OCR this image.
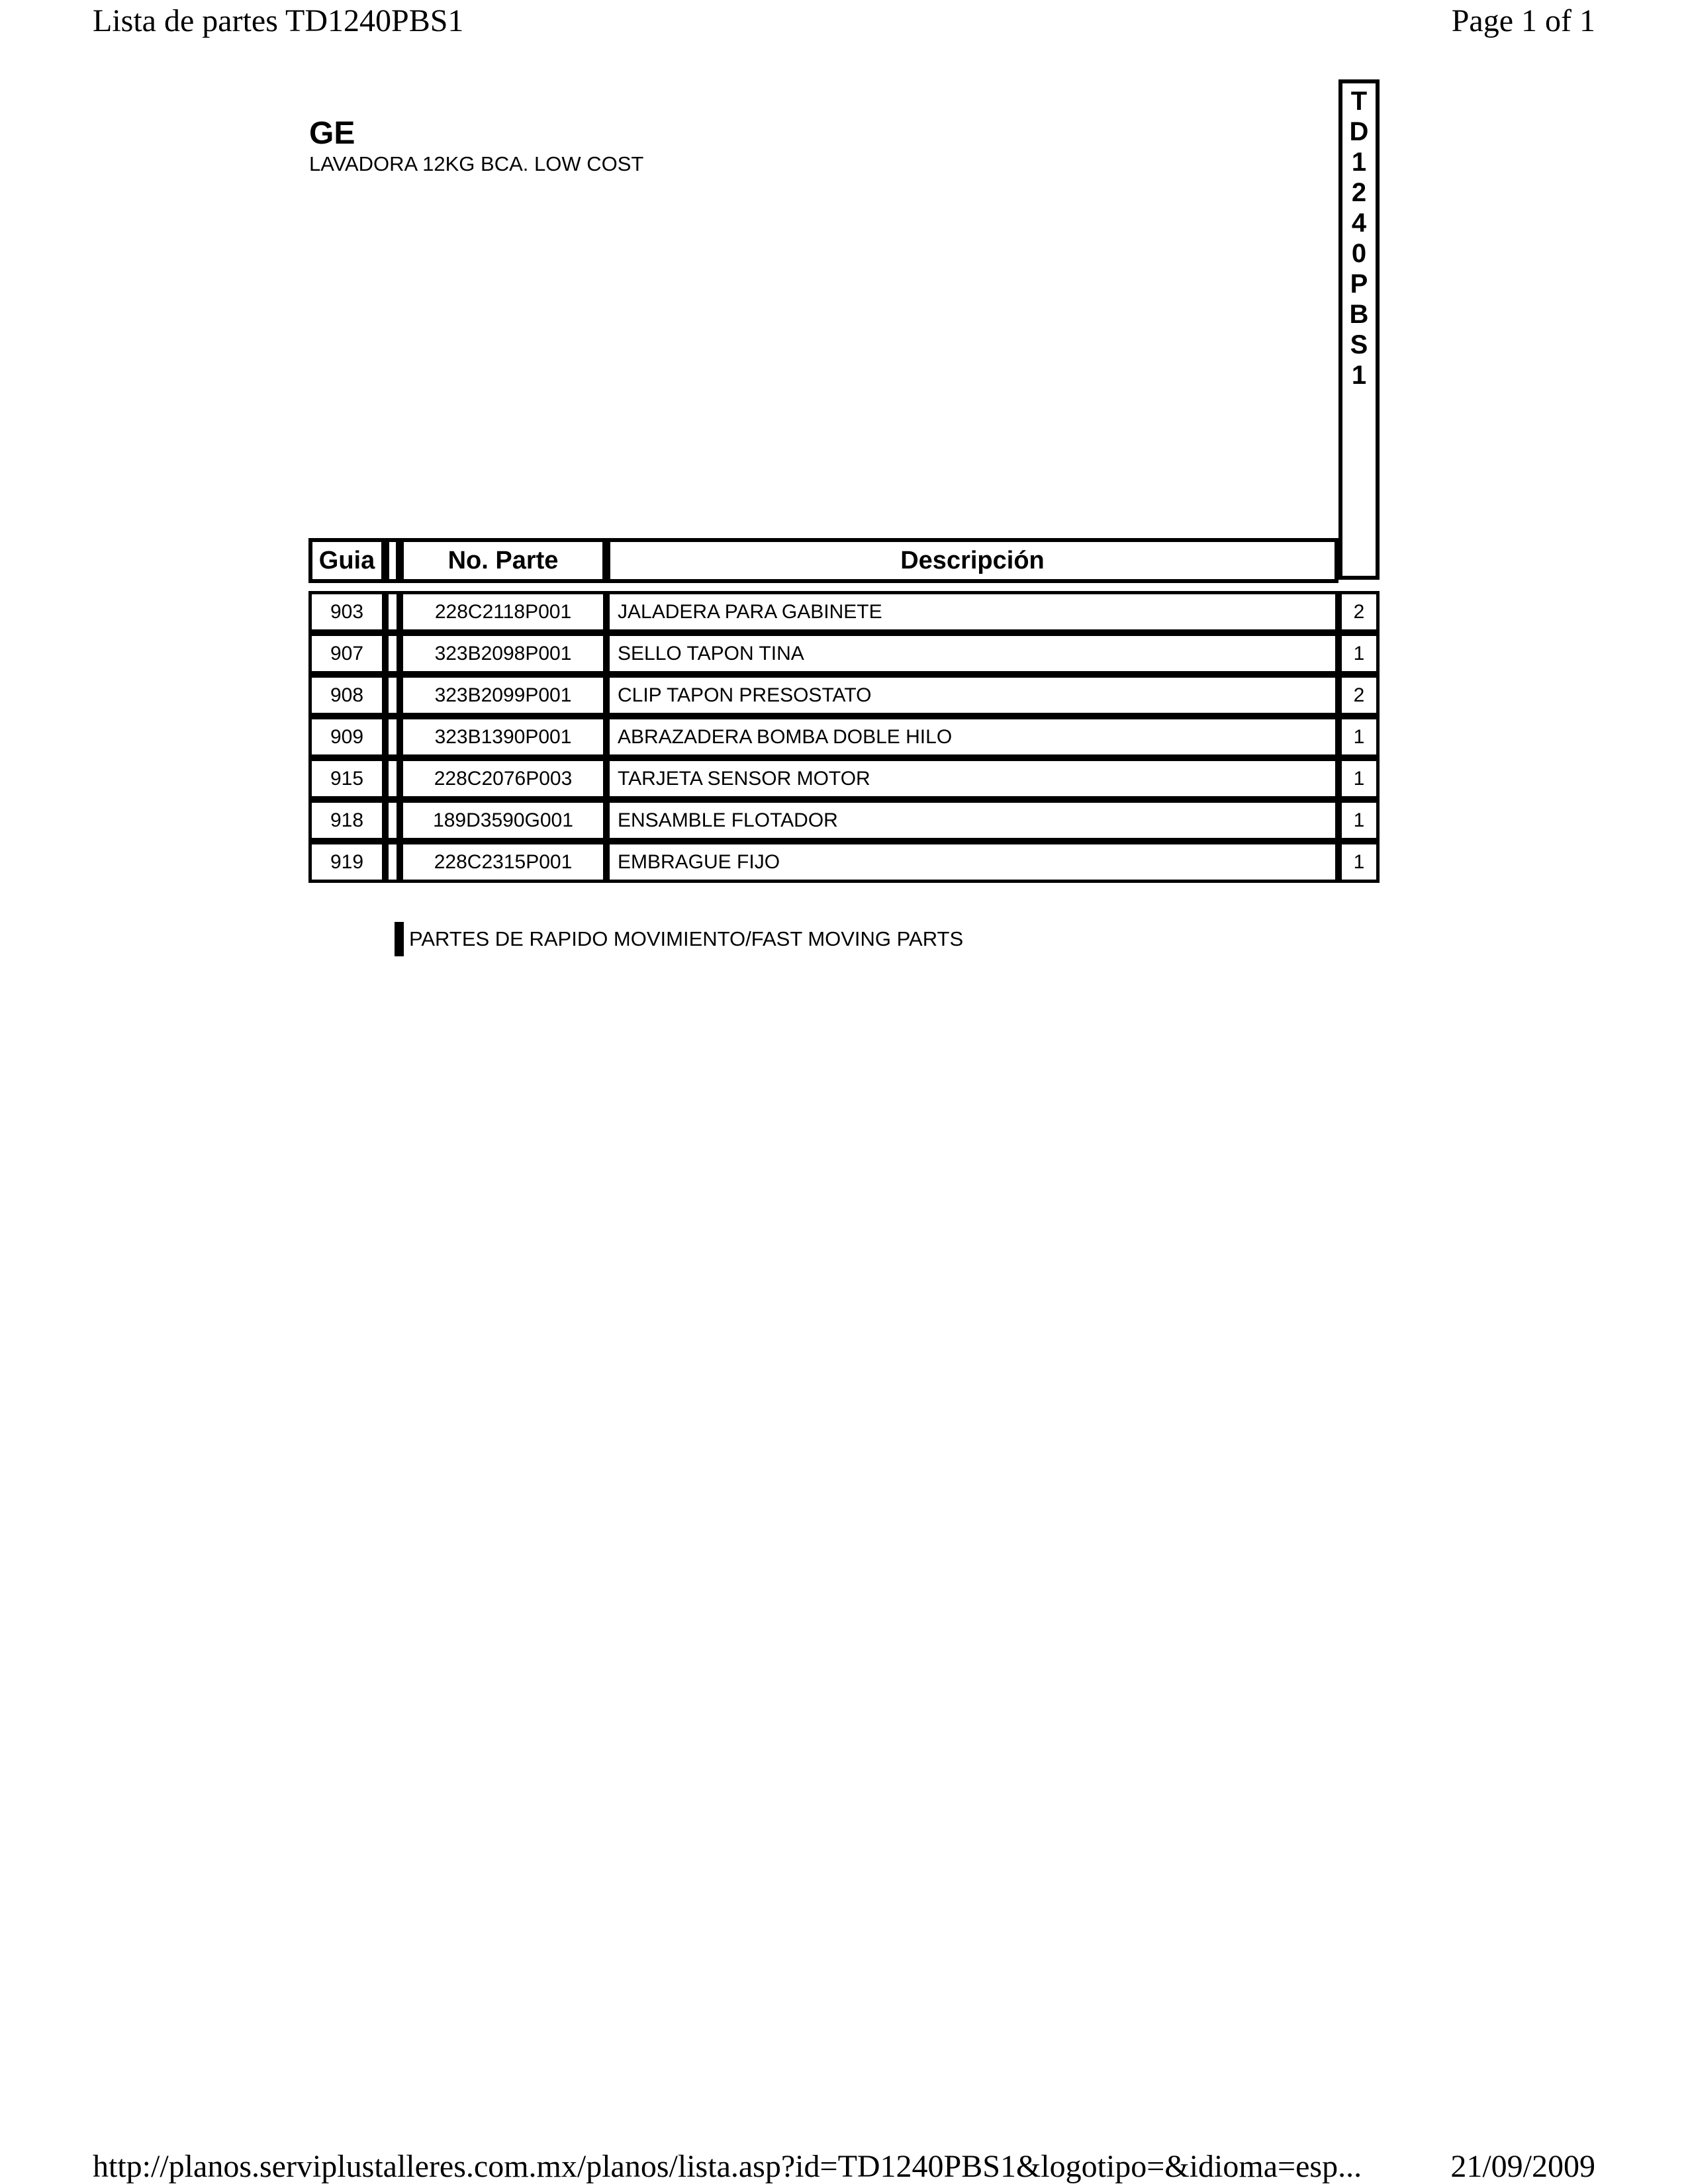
Lista de partes TD1240PBS1	Page 1 of 1
GE
LAVADORA 12KG BCA. LOW COST
T
D
1
2
4
0
P
B
S
1
Guia	No. Parte	Descripción
903	228C2118P001	JALADERA PARA GABINETE	2
907	323B2098P001	SELLO TAPON TINA	1
908	323B2099P001	CLIP TAPON PRESOSTATO	2
909	323B1390P001	ABRAZADERA BOMBA DOBLE HILO	1
915	228C2076P003	TARJETA SENSOR MOTOR	1
918	189D3590G001	ENSAMBLE FLOTADOR	1
919	228C2315P001	EMBRAGUE FIJO	1
PARTES DE RAPIDO MOVIMIENTO/FAST MOVING PARTS
http://planos.serviplustalleres.com.mx/planos/lista.asp?id=TD1240PBS1&logotipo=&idioma=esp...	21/09/2009
